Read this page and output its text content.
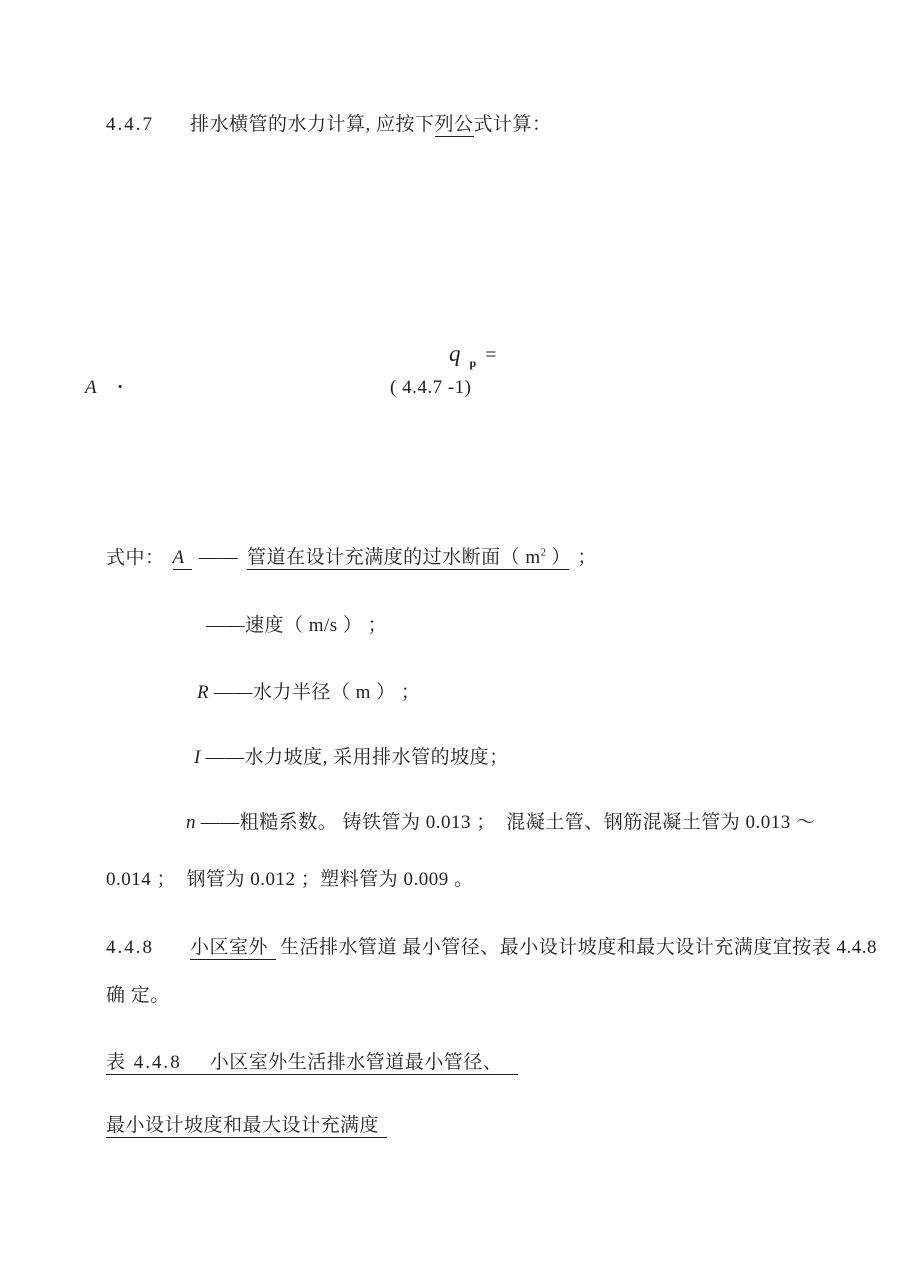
4.4.7 排水横管的水力计算, 应按下列公式计算：

q $_p$ =

A

·

	( 4.4.7 -1)

式中： A —— 管道在设计充满度的过水断面（ $m^2$ ） ；

——速度（ m/s ） ；

R ——水力半径（ m ） ；

I ——水力坡度, 采用排水管的坡度；

n ——粗糙系数。 铸铁管为 0.013 ；  混凝土管、钢筋混凝土管为 0.013 ～

0.014 ；  钢管为 0.012 ；塑料管为 0.009 。

4.4.8 小区室外 生活排水管道 最小管径、最小设计坡度和最大设计充满度宜按表 4.4.8

确 定。

表 4.4.8 小区室外生活排水管道最小管径、

最小设计坡度和最大设计充满度
